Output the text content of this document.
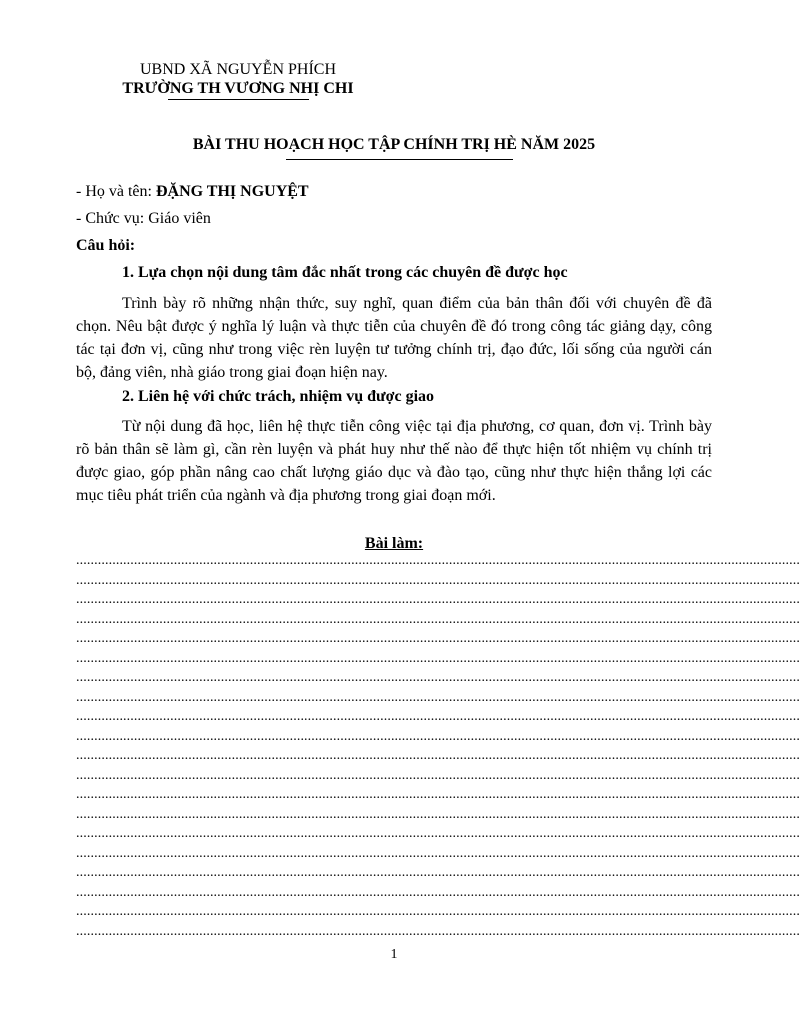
UBND XÃ NGUYỄN PHÍCH
TRƯỜNG TH VƯƠNG NHỊ CHI
BÀI THU HOẠCH HỌC TẬP CHÍNH TRỊ HÈ NĂM 2025
- Họ và tên: ĐẶNG THỊ NGUYỆT
- Chức vụ: Giáo viên
Câu hỏi:
1. Lựa chọn nội dung tâm đắc nhất trong các chuyên đề được học
Trình bày rõ những nhận thức, suy nghĩ, quan điểm của bản thân đối với chuyên đề đã chọn. Nêu bật được ý nghĩa lý luận và thực tiễn của chuyên đề đó trong công tác giảng dạy, công tác tại đơn vị, cũng như trong việc rèn luyện tư tưởng chính trị, đạo đức, lối sống của người cán bộ, đảng viên, nhà giáo trong giai đoạn hiện nay.
2. Liên hệ với chức trách, nhiệm vụ được giao
Từ nội dung đã học, liên hệ thực tiễn công việc tại địa phương, cơ quan, đơn vị. Trình bày rõ bản thân sẽ làm gì, cần rèn luyện và phát huy như thế nào để thực hiện tốt nhiệm vụ chính trị được giao, góp phần nâng cao chất lượng giáo dục và đào tạo, cũng như thực hiện thắng lợi các mục tiêu phát triển của ngành và địa phương trong giai đoạn mới.
Bài làm:
........................................................................................................................................................................................................
........................................................................................................................................................................................................
........................................................................................................................................................................................................
........................................................................................................................................................................................................
........................................................................................................................................................................................................
........................................................................................................................................................................................................
........................................................................................................................................................................................................
........................................................................................................................................................................................................
........................................................................................................................................................................................................
........................................................................................................................................................................................................
........................................................................................................................................................................................................
........................................................................................................................................................................................................
........................................................................................................................................................................................................
........................................................................................................................................................................................................
........................................................................................................................................................................................................
........................................................................................................................................................................................................
........................................................................................................................................................................................................
........................................................................................................................................................................................................
........................................................................................................................................................................................................
........................................................................................................................................................................................................
1
